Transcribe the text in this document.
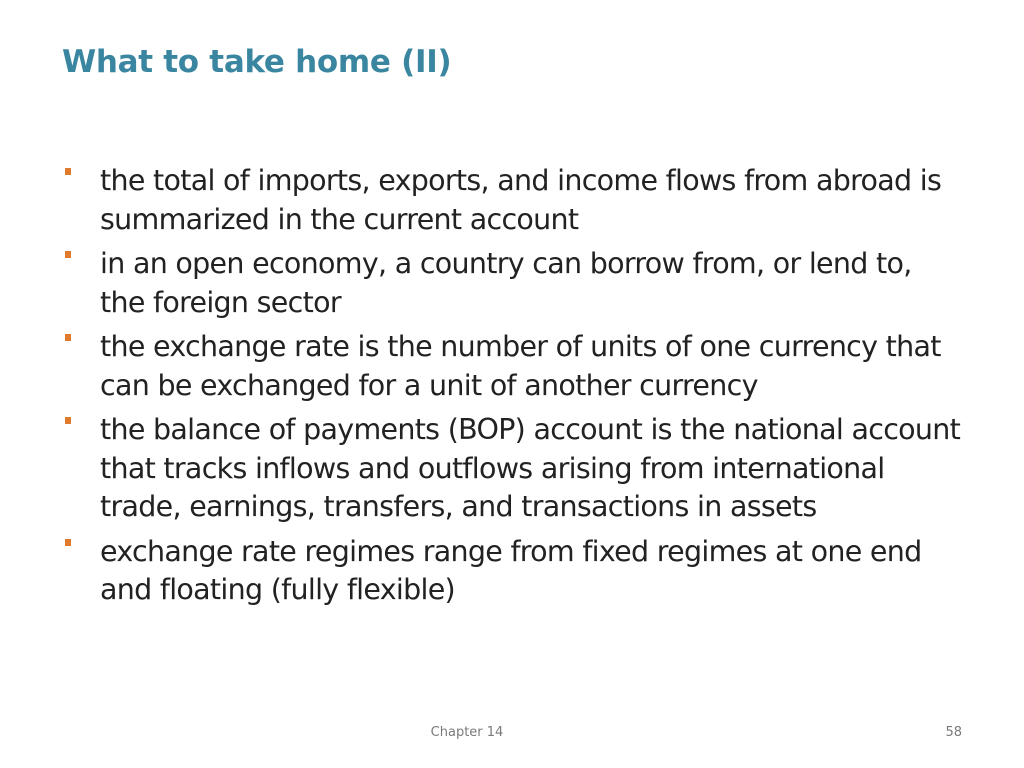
What to take home (II)
the total of imports, exports, and income flows from abroad is summarized in the current account
in an open economy, a country can borrow from, or lend to, the foreign sector
the exchange rate is the number of units of one currency that can be exchanged for a unit of another currency
the balance of payments (BOP) account is the national account that tracks inflows and outflows arising from international trade, earnings, transfers, and transactions in assets
exchange rate regimes range from fixed regimes at one end and floating (fully flexible)
Chapter 14	58
